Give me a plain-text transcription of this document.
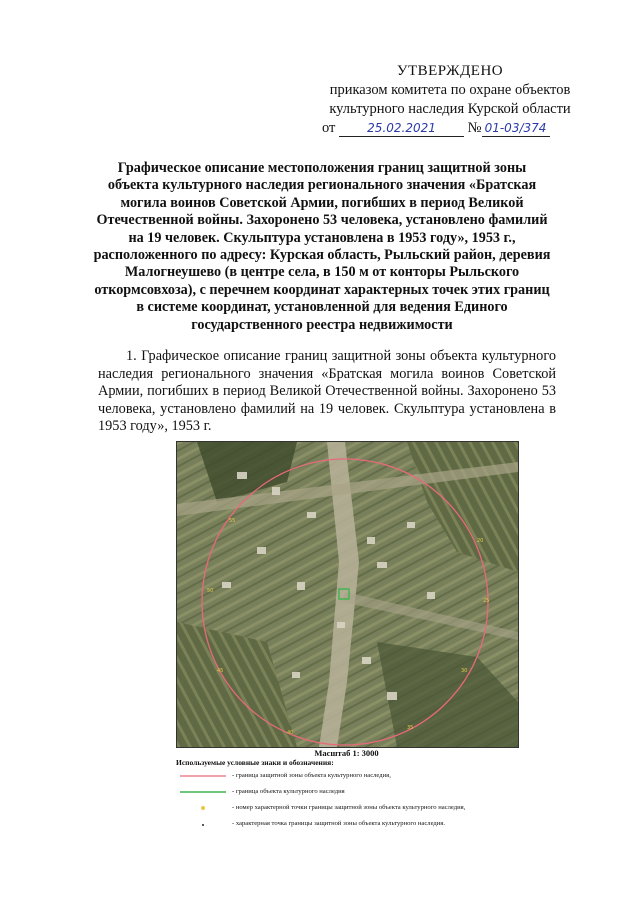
УТВЕРЖДЕНО
приказом комитета по охране объектов
культурного наследия Курской области
от	25.02.2021 № 01-03/374
Графическое описание местоположения границ защитной зоны объекта культурного наследия регионального значения «Братская могила воинов Советской Армии, погибших в период Великой Отечественной войны. Захоронено 53 человека, установлено фамилий на 19 человек. Скульптура установлена в 1953 году», 1953 г., расположенного по адресу: Курская область, Рыльский район, деревия Малогнеушево (в центре села, в 150 м от конторы Рыльского откормсовхоза), с перечнем координат характерных точек этих границ в системе координат, установленной для ведения Единого государственного реестра недвижимости
1. Графическое описание границ защитной зоны объекта культурного наследия регионального значения «Братская могила воинов Советской Армии, погибших в период Великой Отечественной войны. Захоронено 53 человека, установлено фамилий на 19 человек. Скульптура установлена в 1953 году», 1953 г.
20
25
30
35
40
45
50
55
Масштаб 1: 3000
Используемые условные знаки и обозначения:
- граница защитной зоны объекта культурного наследия,
- граница объекта культурного наследия
- номер характерной точки границы защитной зоны объекта культурного наследия,
- характерная точка границы защитной зоны объекта культурного наследия.
